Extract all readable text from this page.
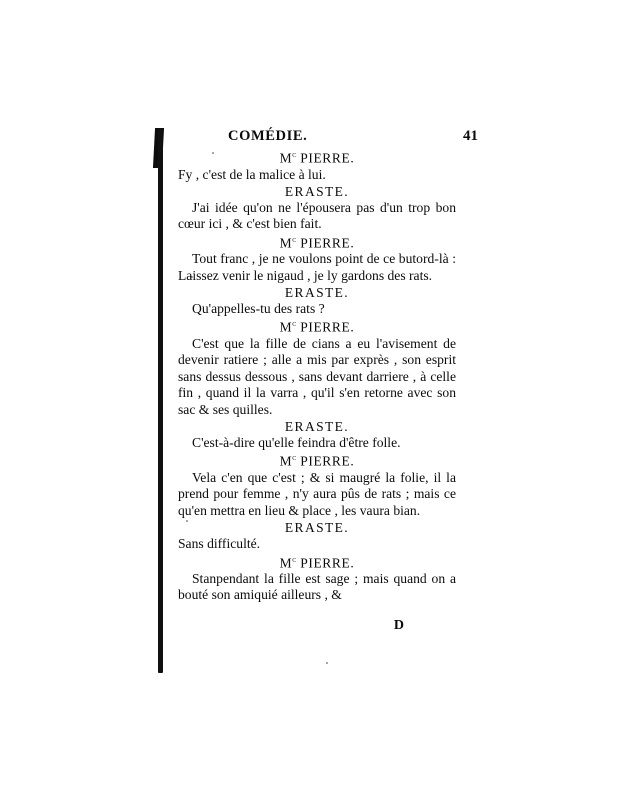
COMÉDIE.	41
$M^c$ PIERRE.

Fy , c'est de la malice à lui.

ERASTE.

J'ai idée qu'on ne l'épousera pas d'un trop bon cœur ici , & c'est bien fait.

$M^c$ PIERRE.

Tout franc , je ne voulons point de ce butord-là : Laissez venir le nigaud , je ly gardons des rats.

ERASTE.

Qu'appelles-tu des rats ?

$M^c$ PIERRE.

C'est que la fille de cians a eu l'avisement de devenir ratiere ; alle a mis par exprès , son esprit sans dessus dessous , sans devant darriere , à celle fin , quand il la varra , qu'il s'en retorne avec son sac & ses quilles.

ERASTE.

C'est-à-dire qu'elle feindra d'être folle.

$M^c$ PIERRE.

Vela c'en que c'est ; & si maugré la folie, il la prend pour femme , n'y aura pûs de rats ; mais ce qu'en mettra en lieu & place , les vaura bian.

ERASTE.

Sans difficulté.

$M^c$ PIERRE.

Stanpendant la fille est sage ; mais quand on a bouté son amiquié ailleurs , &

D
